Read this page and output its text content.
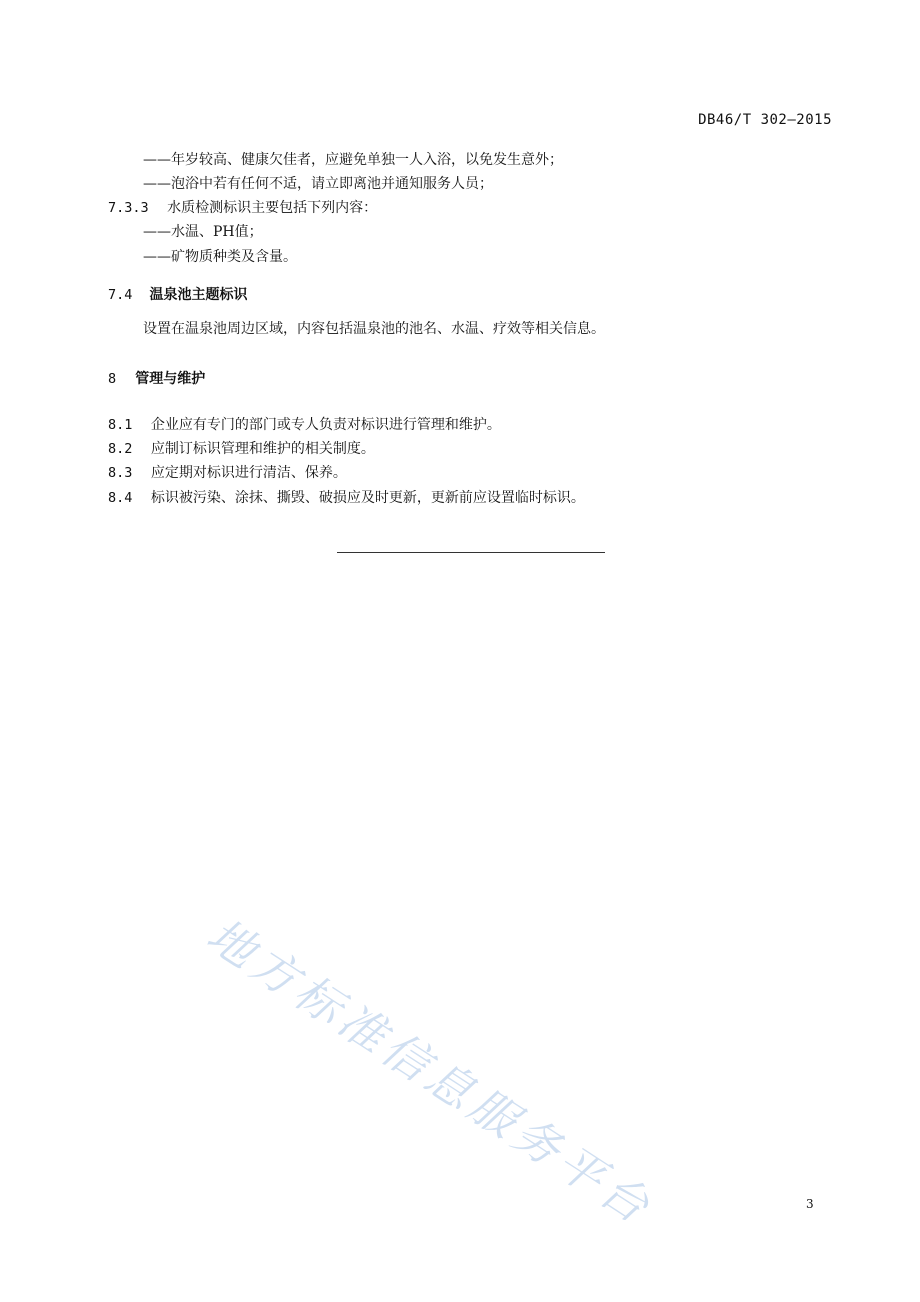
DB46/T 302—2015
——年岁较高、健康欠佳者，应避免单独一人入浴，以免发生意外；
——泡浴中若有任何不适，请立即离池并通知服务人员；
7.3.3 水质检测标识主要包括下列内容：
——水温、PH值；
——矿物质种类及含量。
7.4 温泉池主题标识
设置在温泉池周边区域，内容包括温泉池的池名、水温、疗效等相关信息。
8 管理与维护
8.1 企业应有专门的部门或专人负责对标识进行管理和维护。
8.2 应制订标识管理和维护的相关制度。
8.3 应定期对标识进行清洁、保养。
8.4 标识被污染、涂抹、撕毁、破损应及时更新，更新前应设置临时标识。
地方标准信息服务平台	3
